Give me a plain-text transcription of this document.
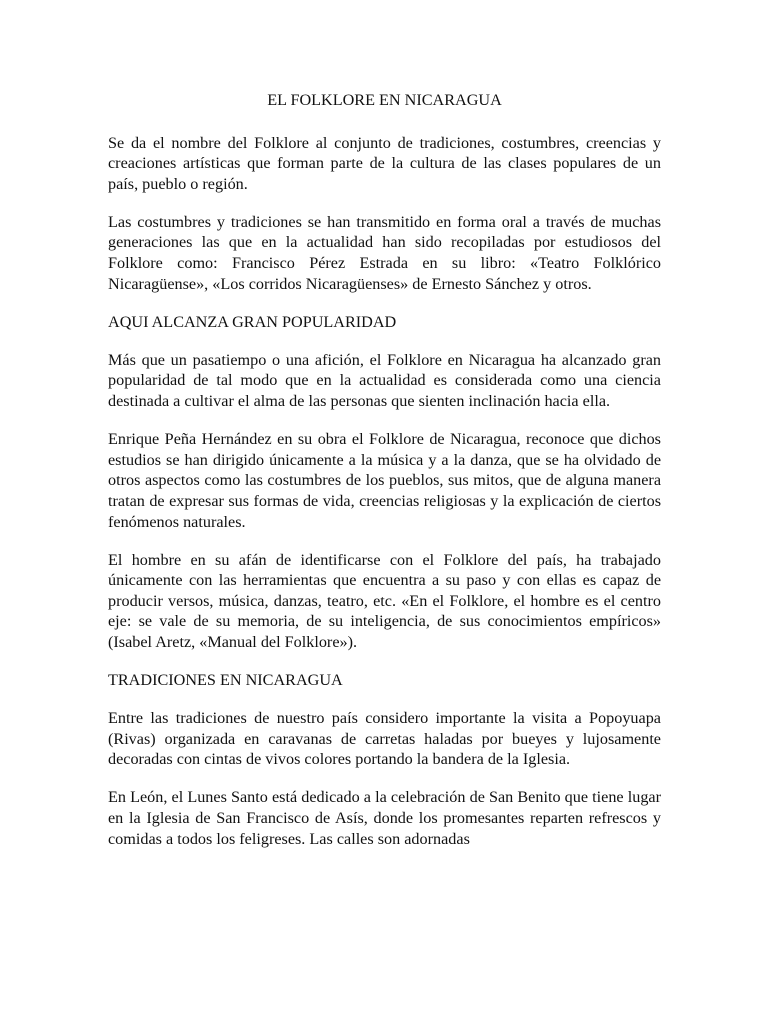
EL FOLKLORE EN NICARAGUA

Se da el nombre del Folklore al conjunto de tradiciones, costumbres, creencias y creaciones artísticas que forman parte de la cultura de las clases populares de un país, pueblo o región.

Las costumbres y tradiciones se han transmitido en forma oral a través de muchas generaciones las que en la actualidad han sido recopiladas por estudiosos del Folklore como: Francisco Pérez Estrada en su libro: «Teatro Folklórico Nicaragüense», «Los corridos Nicaragüenses» de Ernesto Sánchez y otros.

AQUI ALCANZA GRAN POPULARIDAD

Más que un pasatiempo o una afición, el Folklore en Nicaragua ha alcanzado gran popularidad de tal modo que en la actualidad es considerada como una ciencia destinada a cultivar el alma de las personas que sienten inclinación hacia ella.

Enrique Peña Hernández en su obra el Folklore de Nicaragua, reconoce que dichos estudios se han dirigido únicamente a la música y a la danza, que se ha olvidado de otros aspectos como las costumbres de los pueblos, sus mitos, que de alguna manera tratan de expresar sus formas de vida, creencias religiosas y la explicación de ciertos fenómenos naturales.

El hombre en su afán de identificarse con el Folklore del país, ha trabajado únicamente con las herramientas que encuentra a su paso y con ellas es capaz de producir versos, música, danzas, teatro, etc. «En el Folklore, el hombre es el centro eje: se vale de su memoria, de su inteligencia, de sus conocimientos empíricos» (Isabel Aretz, «Manual del Folklore»).

TRADICIONES EN NICARAGUA

Entre las tradiciones de nuestro país considero importante la visita a Popoyuapa (Rivas) organizada en caravanas de carretas haladas por bueyes y lujosamente decoradas con cintas de vivos colores portando la bandera de la Iglesia.

En León, el Lunes Santo está dedicado a la celebración de San Benito que tiene lugar en la Iglesia de San Francisco de Asís, donde los promesantes reparten refrescos y comidas a todos los feligreses. Las calles son adornadas
